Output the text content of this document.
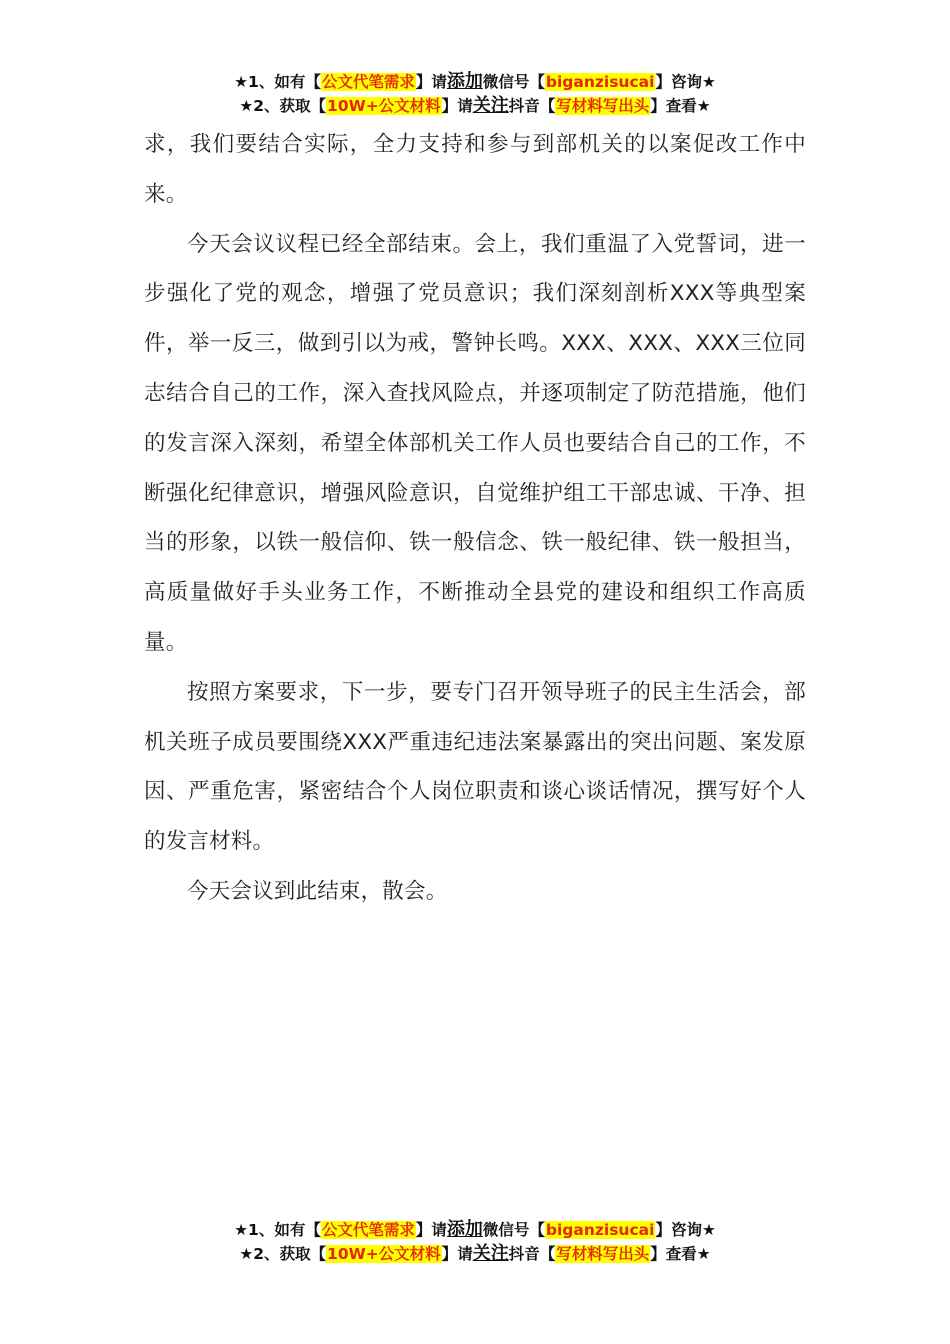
★1、如有【公文代笔需求】请添加微信号【biganzisucai】咨询★
★2、获取【10W+公文材料】请关注抖音【写材料写出头】查看★

求，我们要结合实际，全力支持和参与到部机关的以案促改工作中来。

今天会议议程已经全部结束。会上，我们重温了入党誓词，进一步强化了党的观念，增强了党员意识；我们深刻剖析XXX等典型案件，举一反三，做到引以为戒，警钟长鸣。XXX、XXX、XXX三位同志结合自己的工作，深入查找风险点，并逐项制定了防范措施，他们的发言深入深刻，希望全体部机关工作人员也要结合自己的工作，不断强化纪律意识，增强风险意识，自觉维护组工干部忠诚、干净、担当的形象，以铁一般信仰、铁一般信念、铁一般纪律、铁一般担当，高质量做好手头业务工作，不断推动全县党的建设和组织工作高质量。

按照方案要求，下一步，要专门召开领导班子的民主生活会，部机关班子成员要围绕XXX严重违纪违法案暴露出的突出问题、案发原因、严重危害，紧密结合个人岗位职责和谈心谈话情况，撰写好个人的发言材料。

今天会议到此结束，散会。

★1、如有【公文代笔需求】请添加微信号【biganzisucai】咨询★
★2、获取【10W+公文材料】请关注抖音【写材料写出头】查看★
